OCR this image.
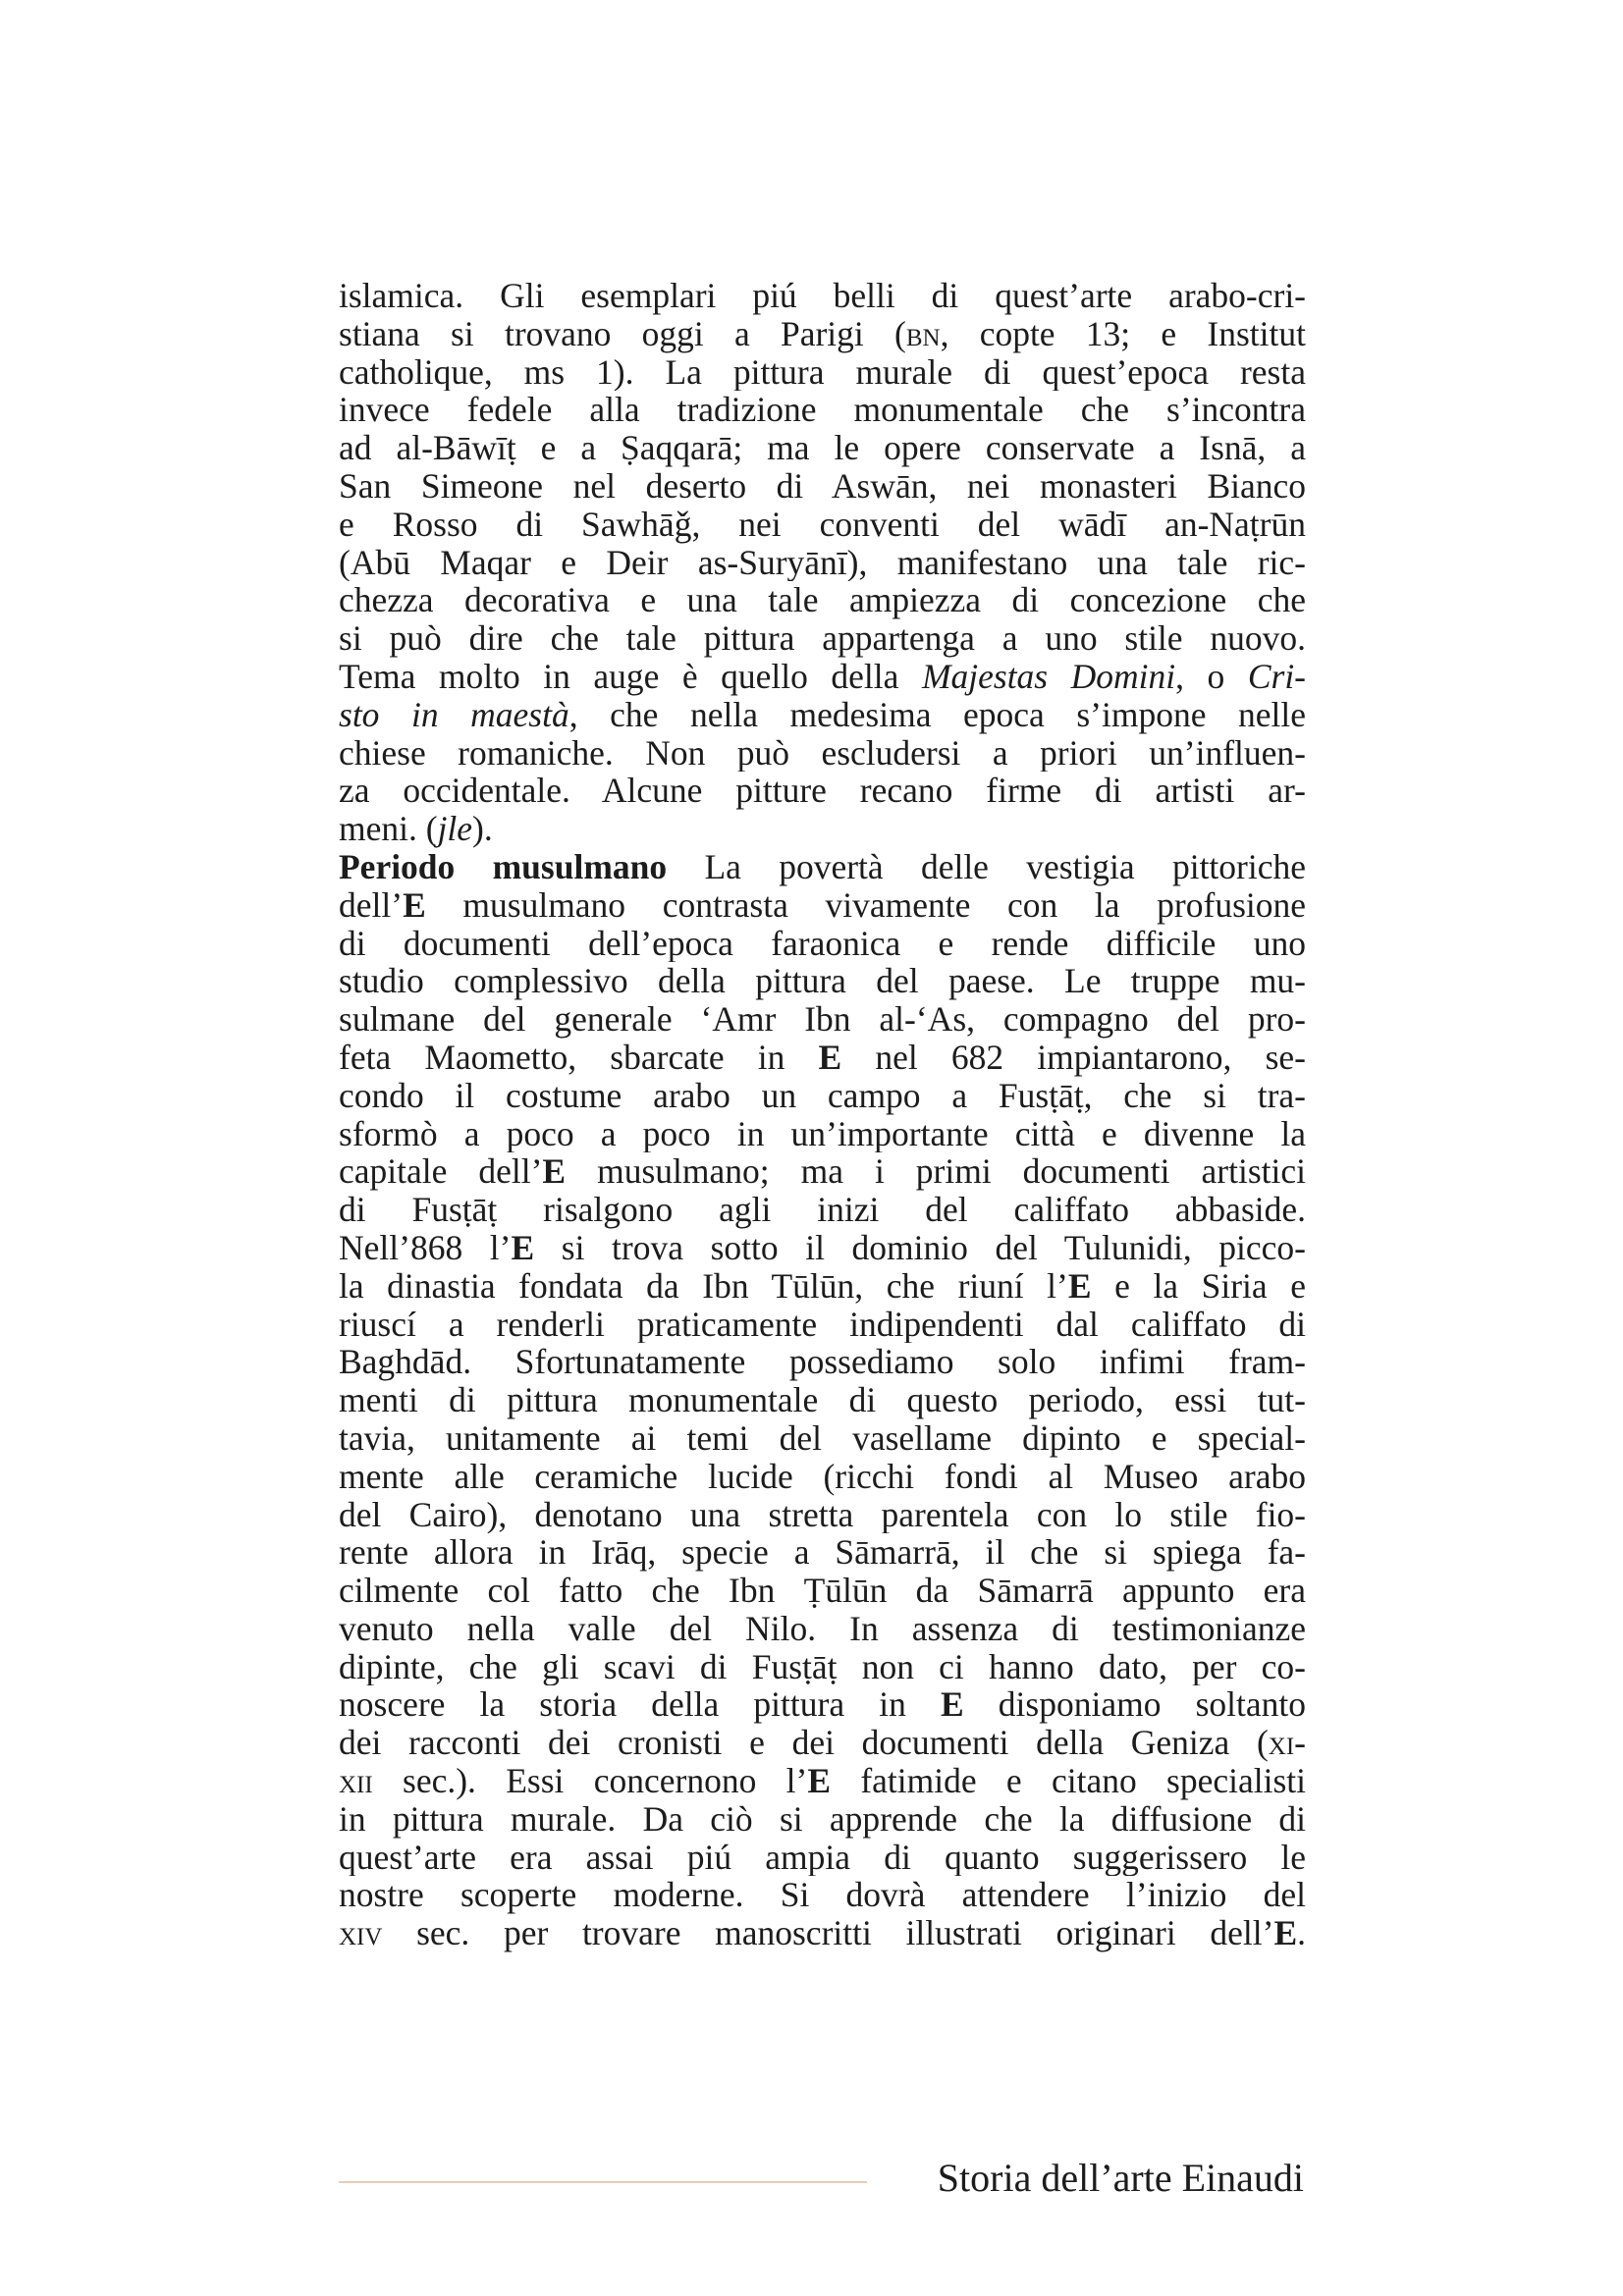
islamica. Gli esemplari piú belli di quest’arte arabo-cri-
stiana si trovano oggi a Parigi (bn, copte 13; e Institut
catholique, ms 1). La pittura murale di quest’epoca resta
invece fedele alla tradizione monumentale che s’incontra
ad al-Bāwīṭ e a Ṣaqqarā; ma le opere conservate a Isnā, a
San Simeone nel deserto di Aswān, nei monasteri Bianco
e Rosso di Sawhāǧ, nei conventi del wādī an-Naṭrūn
(Abū Maqar e Deir as-Suryānī), manifestano una tale ric-
chezza decorativa e una tale ampiezza di concezione che
si può dire che tale pittura appartenga a uno stile nuovo.
Tema molto in auge è quello della Majestas Domini, o Cri-
sto in maestà, che nella medesima epoca s’impone nelle
chiese romaniche. Non può escludersi a priori un’influen-
za occidentale. Alcune pitture recano firme di artisti ar-
meni. (jle).
Periodo musulmano La povertà delle vestigia pittoriche
dell’E musulmano contrasta vivamente con la profusione
di documenti dell’epoca faraonica e rende difficile uno
studio complessivo della pittura del paese. Le truppe mu-
sulmane del generale ‘Amr Ibn al-‘As, compagno del pro-
feta Maometto, sbarcate in E nel 682 impiantarono, se-
condo il costume arabo un campo a Fusṭāṭ, che si tra-
sformò a poco a poco in un’importante città e divenne la
capitale dell’E musulmano; ma i primi documenti artistici
di Fusṭāṭ risalgono agli inizi del califfato abbaside.
Nell’868 l’E si trova sotto il dominio del Tulunidi, picco-
la dinastia fondata da Ibn Tūlūn, che riuní l’E e la Siria e
riuscí a renderli praticamente indipendenti dal califfato di
Baghdād. Sfortunatamente possediamo solo infimi fram-
menti di pittura monumentale di questo periodo, essi tut-
tavia, unitamente ai temi del vasellame dipinto e special-
mente alle ceramiche lucide (ricchi fondi al Museo arabo
del Cairo), denotano una stretta parentela con lo stile fio-
rente allora in Irāq, specie a Sāmarrā, il che si spiega fa-
cilmente col fatto che Ibn Ṭūlūn da Sāmarrā appunto era
venuto nella valle del Nilo. In assenza di testimonianze
dipinte, che gli scavi di Fusṭāṭ non ci hanno dato, per co-
noscere la storia della pittura in E disponiamo soltanto
dei racconti dei cronisti e dei documenti della Geniza (xi-
xii sec.). Essi concernono l’E fatimide e citano specialisti
in pittura murale. Da ciò si apprende che la diffusione di
quest’arte era assai piú ampia di quanto suggerissero le
nostre scoperte moderne. Si dovrà attendere l’inizio del
xiv sec. per trovare manoscritti illustrati originari dell’E.
Storia dell’arte Einaudi
